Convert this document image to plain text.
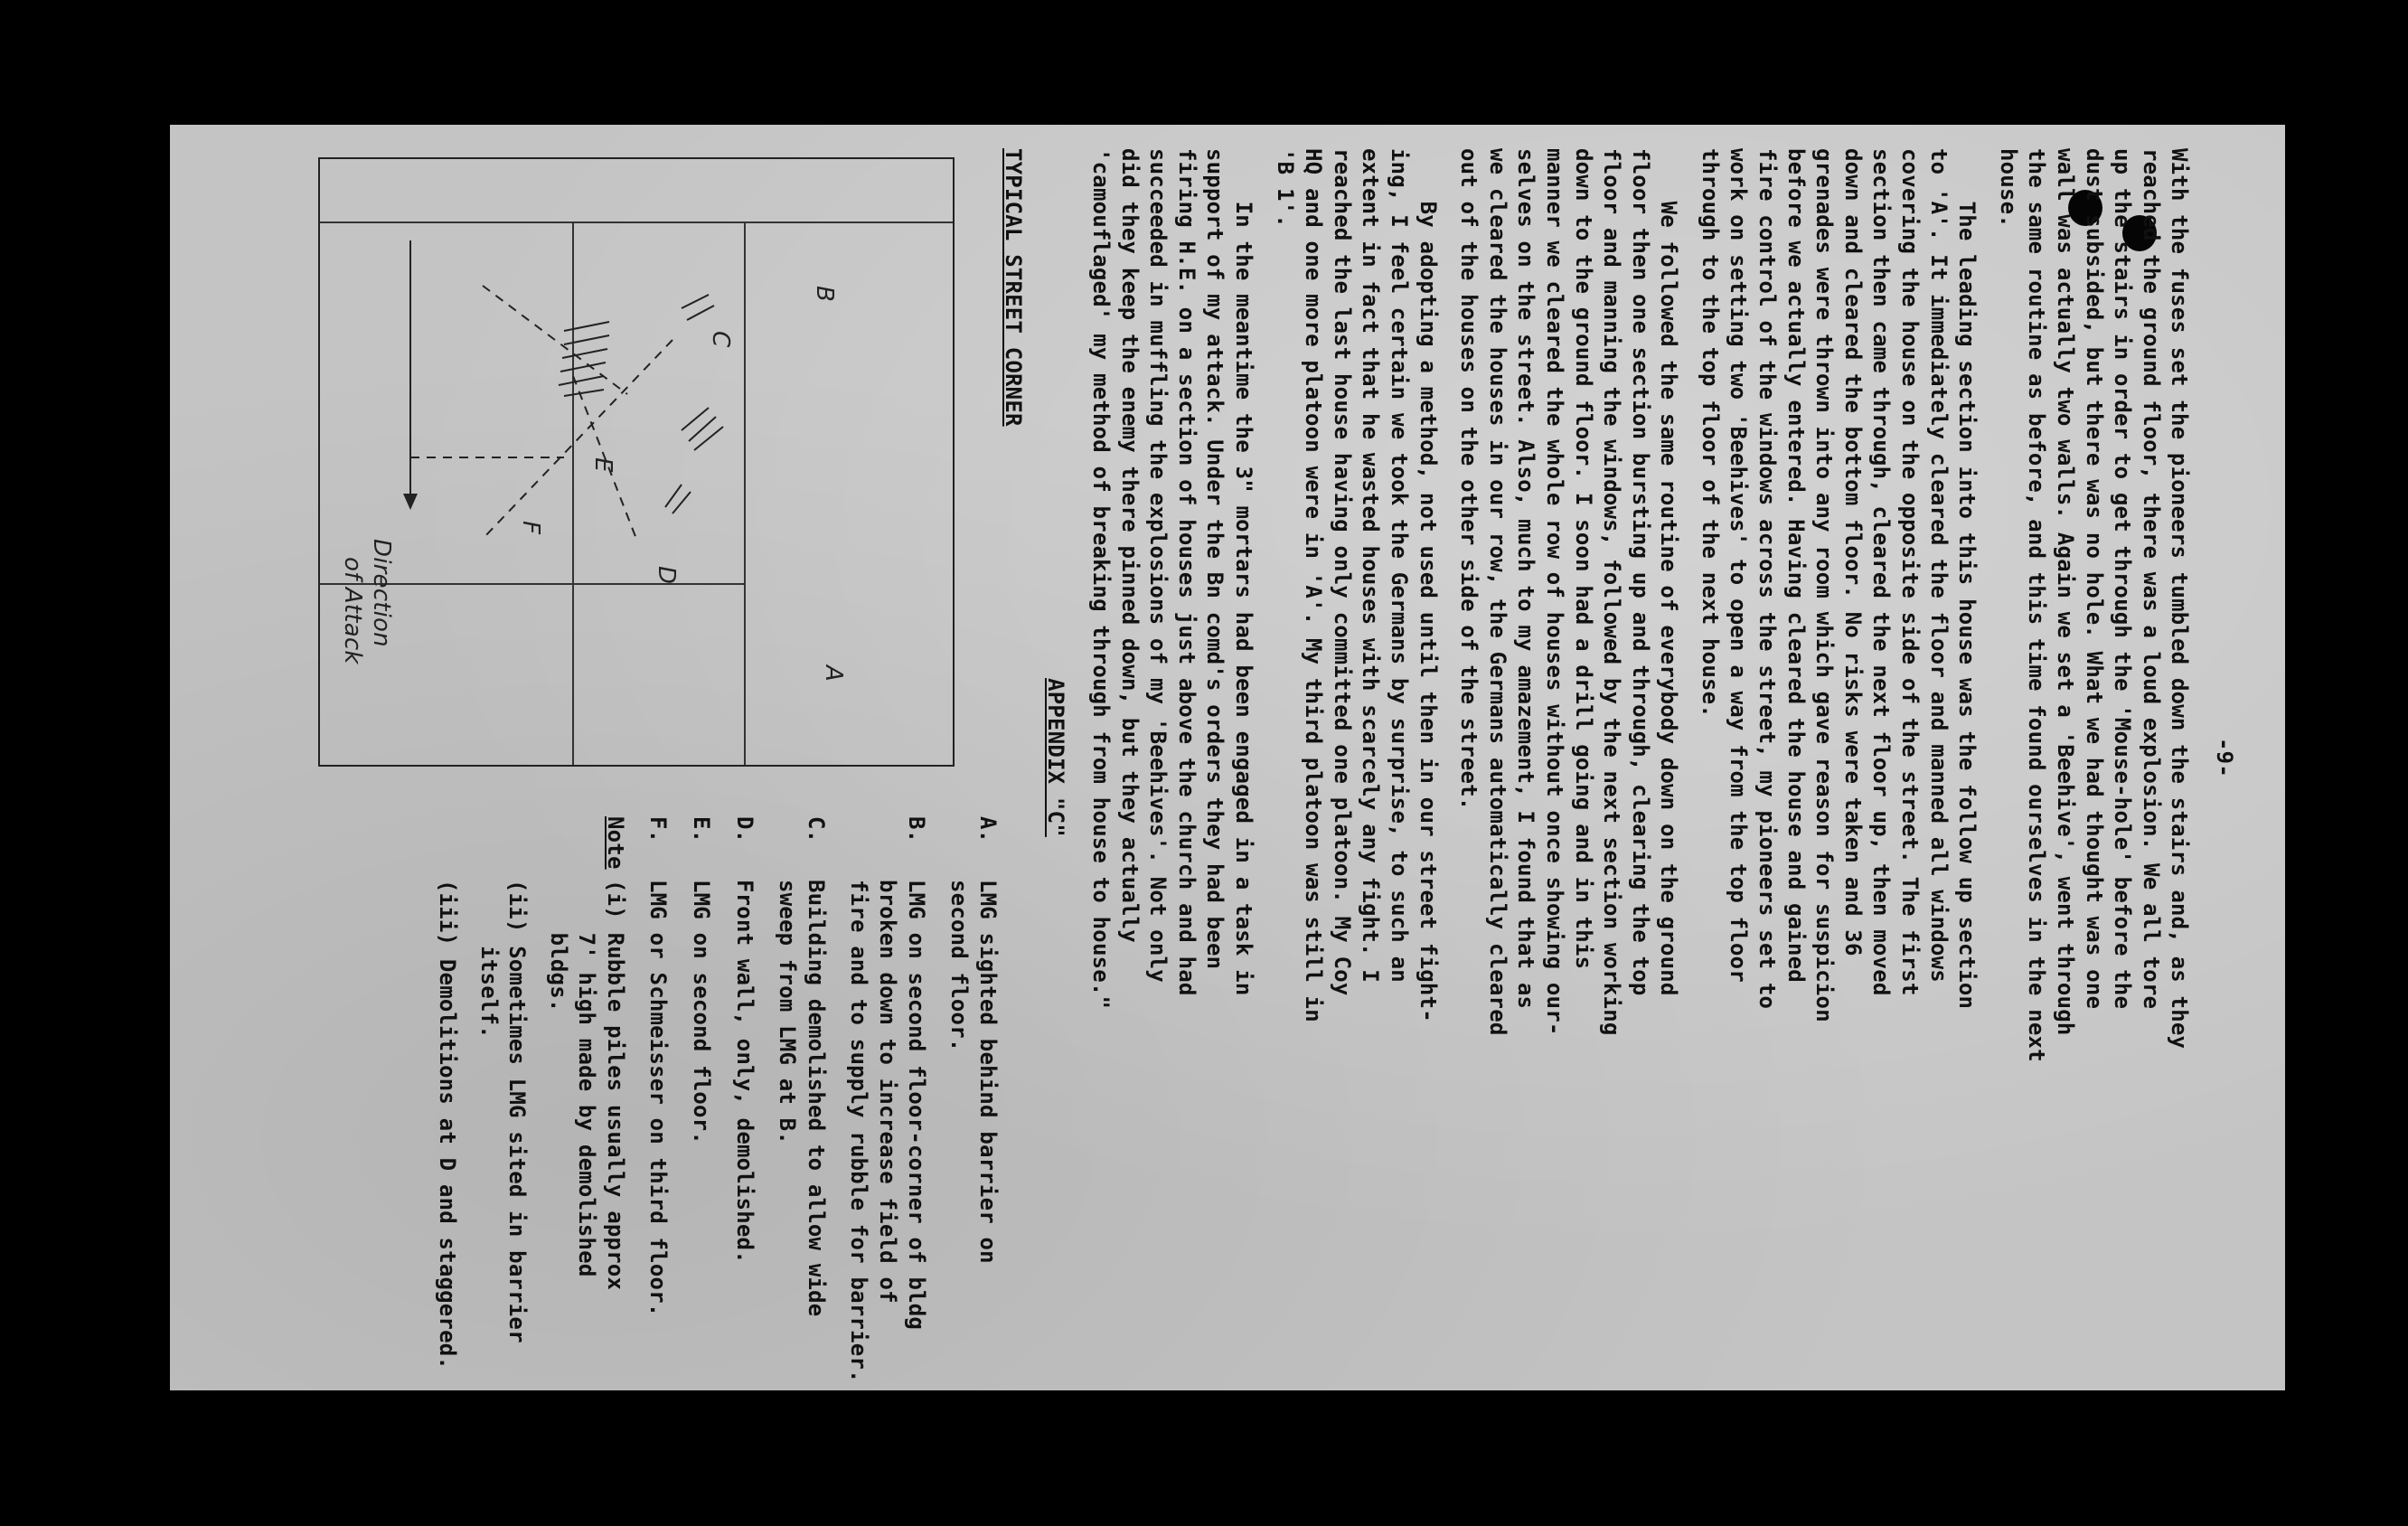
-9-

With the fuses set the pioneers tumbled down the stairs and, as they
reached the ground floor, there was a loud explosion. We all tore
up the stairs in order to get through the 'Mouse-hole' before the
dust subsided, but there was no hole. What we had thought was one
wall was actually two walls. Again we set a 'Beehive', went through
the same routine as before, and this time found ourselves in the next
house.

The leading section into this house was the follow up section
to 'A'. It immediately cleared the floor and manned all windows
covering the house on the opposite side of the street. The first
section then came through, cleared the next floor up, then moved
down and cleared the bottom floor. No risks were taken and 36
grenades were thrown into any room which gave reason for suspicion
before we actually entered. Having cleared the house and gained
fire control of the windows across the street, my pioneers set to
work on setting two 'Beehives' to open a way from the top floor
through to the top floor of the next house.

We followed the same routine of everybody down on the ground
floor then one section bursting up and through, clearing the top
floor and manning the windows, followed by the next section working
down to the ground floor. I soon had a drill going and in this
manner we cleared the whole row of houses without once showing our-
selves on the street. Also, much to my amazement, I found that as
we cleared the houses in our row, the Germans automatically cleared
out of the houses on the other side of the street.

By adopting a method, not used until then in our street fight-
ing, I feel certain we took the Germans by surprise, to such an
extent in fact that he wasted houses with scarcely any fight. I
reached the last house having only committed one platoon. My Coy
HQ and one more platoon were in 'A'. My third platoon was still in
'B 1'.

In the meantime the 3" mortars had been engaged in a task in
support of my attack. Under the Bn comd's orders they had been
firing H.E. on a section of houses just above the church and had
succeeded in muffling the explosions of my 'Beehives'. Not only
did they keep the enemy there pinned down, but they actually
'camouflaged' my method of breaking through from house to house."

APPENDIX "C"
TYPICAL STREET CORNER
Direction of Attack
A
B
C
D
E
F
A.
LMG sighted behind barrier on
second floor.
B.
LMG on second floor-corner of bldg
broken down to increase field of
fire and to supply rubble for barrier.
C.
Building demolished to allow wide
sweep from LMG at B.
D.
Front wall, only, demolished.
E.
LMG on second floor.
F.
LMG or Schmeisser on third floor.
Note
(i) Rubble piles usually approx
7' high made by demolished
bldgs.
(ii) Sometimes LMG sited in barrier
itself.
(iii) Demolitions at D and staggered.
